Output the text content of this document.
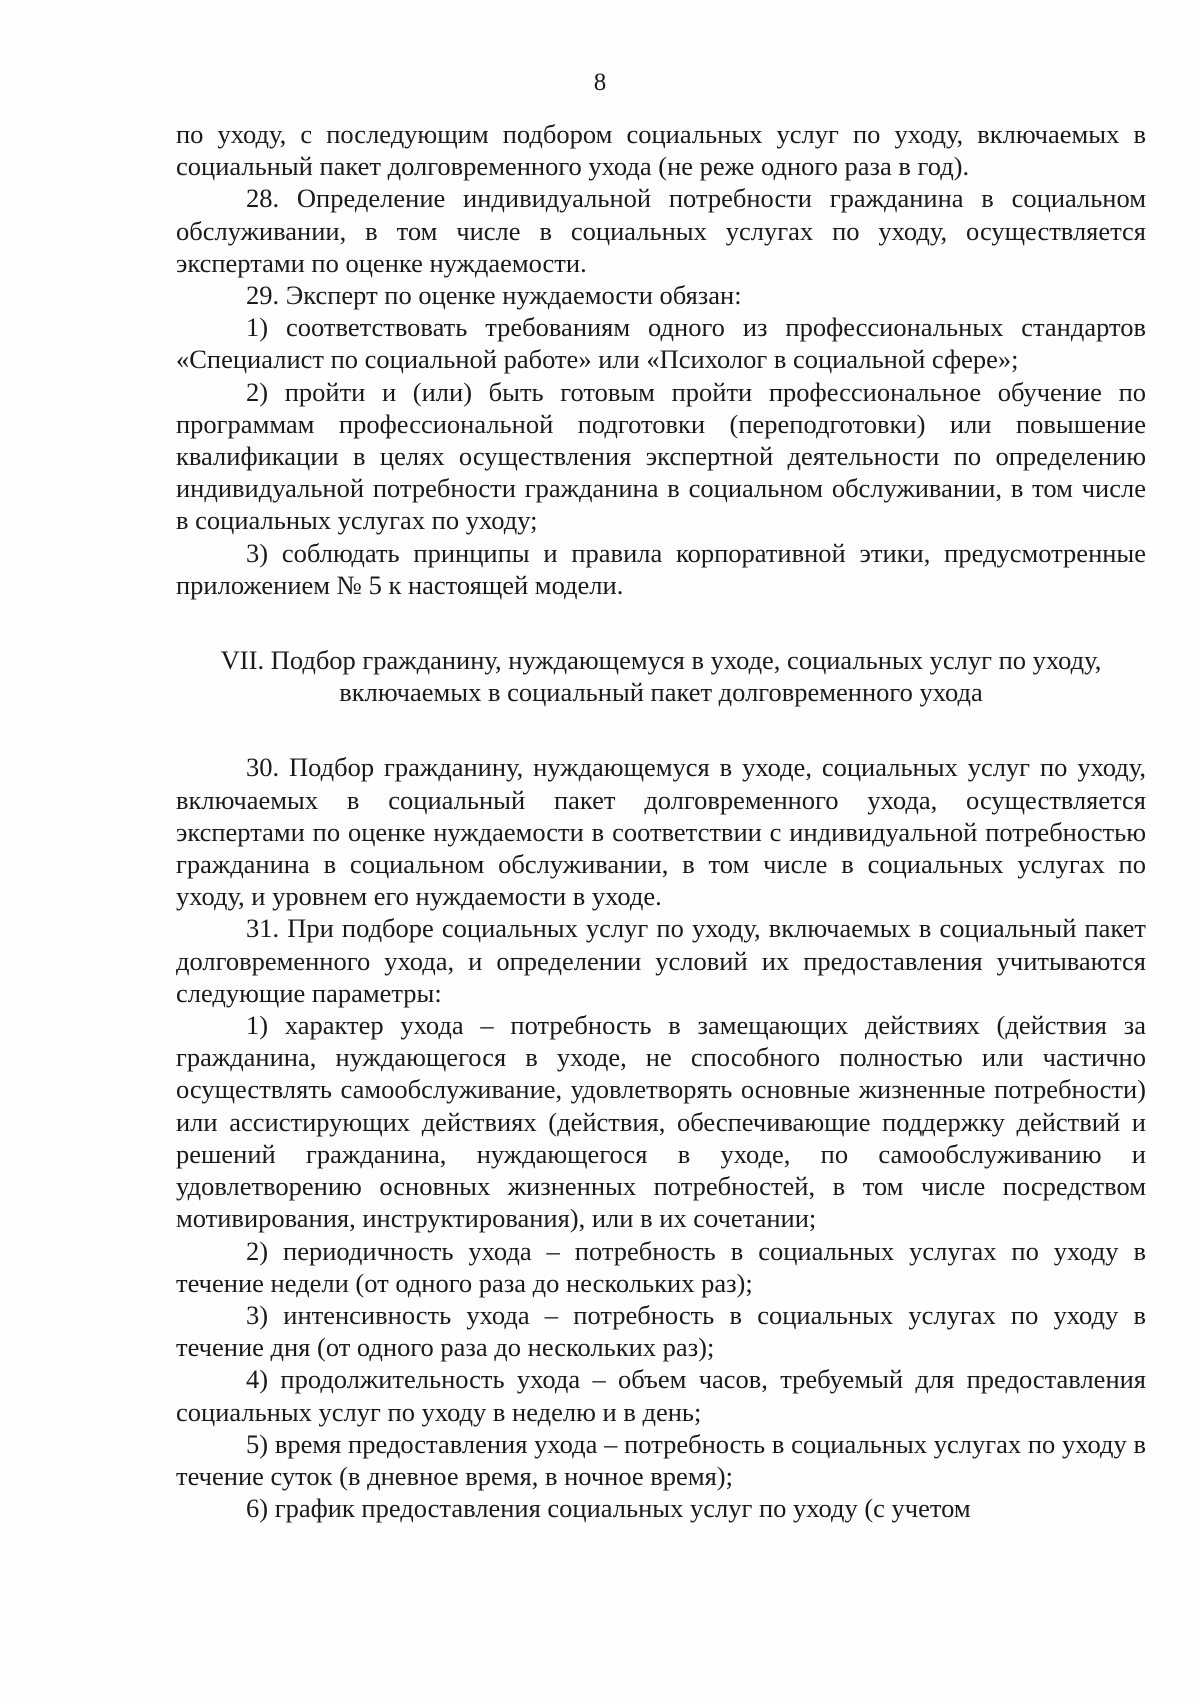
8

по уходу, с последующим подбором социальных услуг по уходу, включаемых в социальный пакет долговременного ухода (не реже одного раза в год).

28. Определение индивидуальной потребности гражданина в социальном обслуживании, в том числе в социальных услугах по уходу, осуществляется экспертами по оценке нуждаемости.

29. Эксперт по оценке нуждаемости обязан:

1) соответствовать требованиям одного из профессиональных стандартов «Специалист по социальной работе» или «Психолог в социальной сфере»;

2) пройти и (или) быть готовым пройти профессиональное обучение по программам профессиональной подготовки (переподготовки) или повышение квалификации в целях осуществления экспертной деятельности по определению индивидуальной потребности гражданина в социальном обслуживании, в том числе в социальных услугах по уходу;

3) соблюдать принципы и правила корпоративной этики, предусмотренные приложением № 5 к настоящей модели.

VII. Подбор гражданину, нуждающемуся в уходе, социальных услуг по уходу,
включаемых в социальный пакет долговременного ухода

30. Подбор гражданину, нуждающемуся в уходе, социальных услуг по уходу, включаемых в социальный пакет долговременного ухода, осуществляется экспертами по оценке нуждаемости в соответствии с индивидуальной потребностью гражданина в социальном обслуживании, в том числе в социальных услугах по уходу, и уровнем его нуждаемости в уходе.

31. При подборе социальных услуг по уходу, включаемых в социальный пакет долговременного ухода, и определении условий их предоставления учитываются следующие параметры:

1) характер ухода – потребность в замещающих действиях (действия за гражданина, нуждающегося в уходе, не способного полностью или частично осуществлять самообслуживание, удовлетворять основные жизненные потребности) или ассистирующих действиях (действия, обеспечивающие поддержку действий и решений гражданина, нуждающегося в уходе, по самообслуживанию и удовлетворению основных жизненных потребностей, в том числе посредством мотивирования, инструктирования), или в их сочетании;

2) периодичность ухода – потребность в социальных услугах по уходу в течение недели (от одного раза до нескольких раз);

3) интенсивность ухода – потребность в социальных услугах по уходу в течение дня (от одного раза до нескольких раз);

4) продолжительность ухода – объем часов, требуемый для предоставления социальных услуг по уходу в неделю и в день;

5) время предоставления ухода – потребность в социальных услугах по уходу в течение суток (в дневное время, в ночное время);

6) график предоставления социальных услуг по уходу (с учетом
